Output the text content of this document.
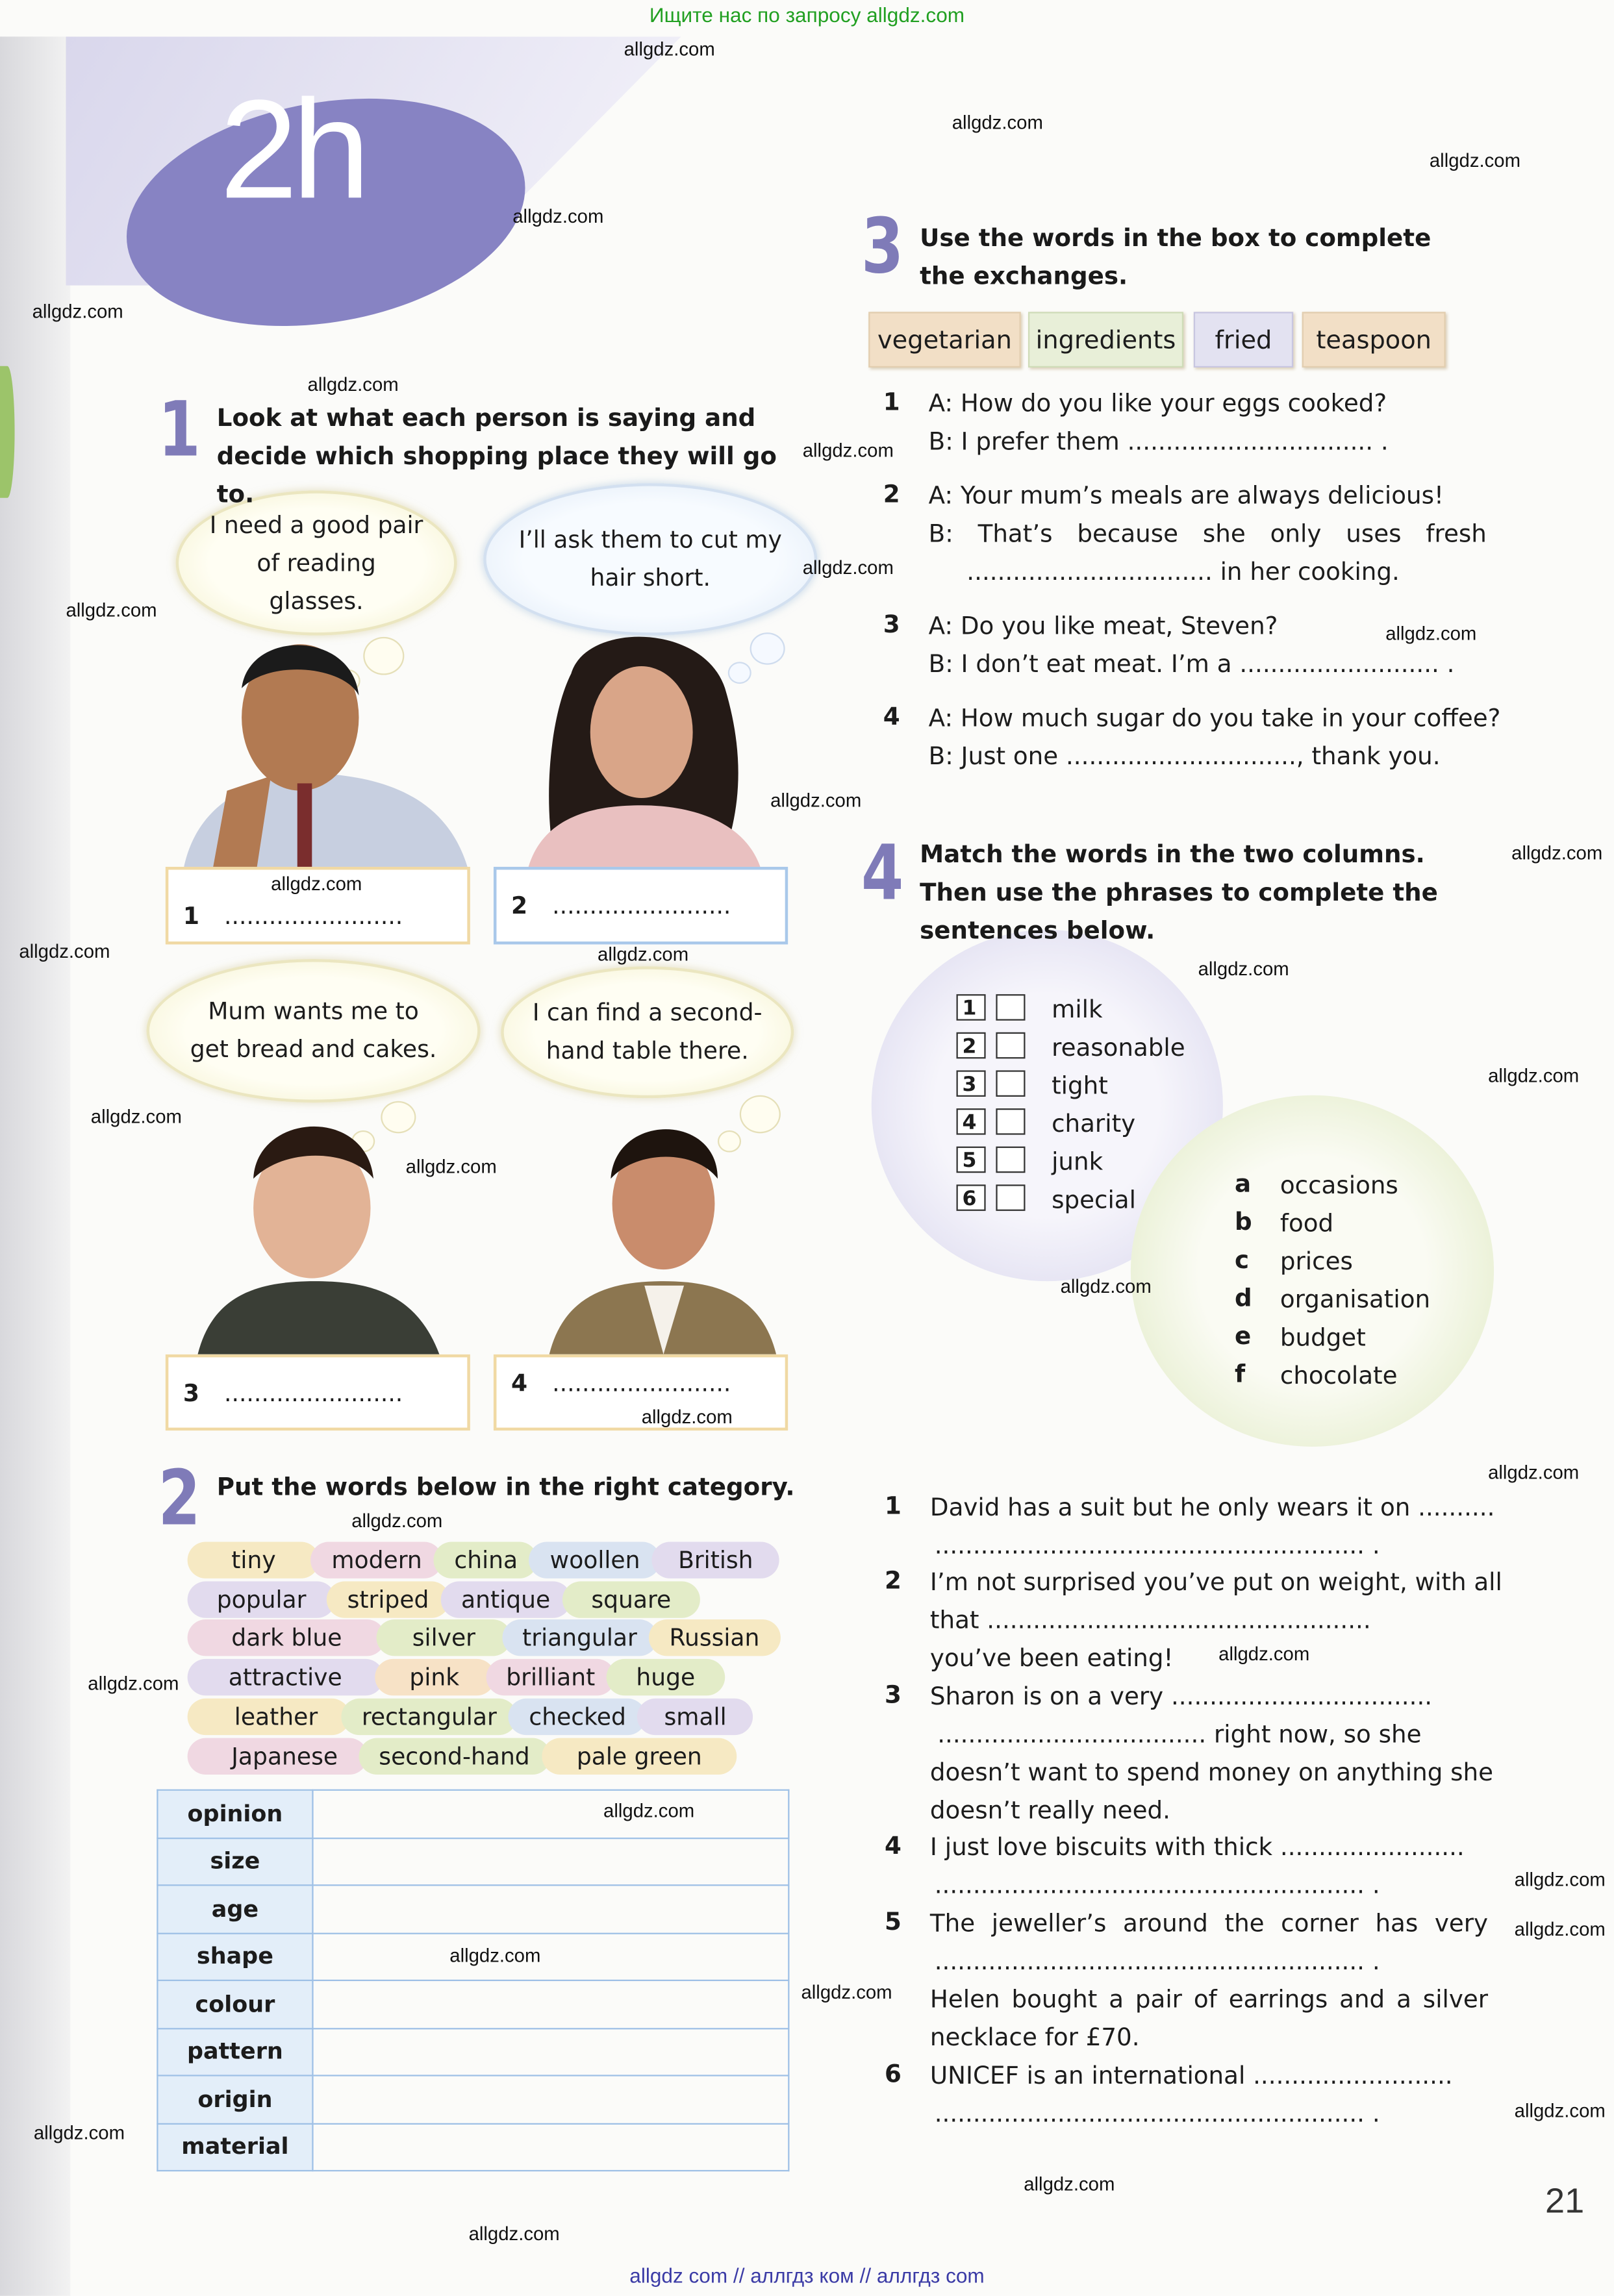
Ищите нас по запросу allgdz.com
2h
1 Look at what each person is saying and decide which shopping place they will go to.
I need a good pair of reading glasses.
I’ll ask them to cut my hair short.
Mum wants me to get bread and cakes.
I can find a second-hand table there.
1	........................	2	........................
3	........................	4	........................
2 Put the words below in the right category.
tiny	modern	china	woollen	British
popular	striped	antique	square
dark blue	silver	triangular	Russian
attractive	pink	brilliant	huge
leather	rectangular	checked	small
Japanese	second-hand	pale green
opinion	
size	
age	
shape	
colour	
pattern	
origin	
material	
3 Use the words in the box to complete the exchanges.
vegetarian	ingredients	fried	teaspoon
1	A: How do you like your eggs cooked?
B: I prefer them ................................ .
2	A: Your mum’s meals are always delicious!
B: That’s because she only uses fresh
................................ in her cooking.
3	A: Do you like meat, Steven?
B: I don’t eat meat. I’m a .......................... .
4	A: How much sugar do you take in your coffee?
B: Just one .............................., thank you.
4 Match the words in the two columns. Then use the phrases to complete the sentences below.
1	milk
2	reasonable
3	tight
4	charity
5	junk
6	special
a	occasions
b	food
c	prices
d	organisation
e	budget
f	chocolate
1	David has a suit but he only wears it on ..........
........................................................ .
2	I’m not surprised you’ve put on weight, with all
that ..................................................
you’ve been eating!
3	Sharon is on a very ..................................
................................... right now, so she
doesn’t want to spend money on anything she
doesn’t really need.
4	I just love biscuits with thick ........................
........................................................ .
5	The jeweller’s around the corner has very
........................................................ .
Helen bought a pair of earrings and a silver
necklace for £70.
6	UNICEF is an international ..........................
........................................................ .
21
allgdz.com
allgdz.com
allgdz.com
allgdz.com
allgdz.com
allgdz.com
allgdz.com
allgdz.com
allgdz.com
allgdz.com
allgdz.com
allgdz.com
allgdz.com
allgdz.com
allgdz.com	allgdz.com
allgdz.com
allgdz.com
allgdz.com
allgdz.com
allgdz.com
allgdz.com
allgdz.com
allgdz.com
allgdz.com
allgdz.com
allgdz.com
allgdz.com
allgdz.com
allgdz.com
allgdz.com
allgdz.com
allgdz.com
allgdz.com
allgdz com // аллгдз ком // аллгдз com
